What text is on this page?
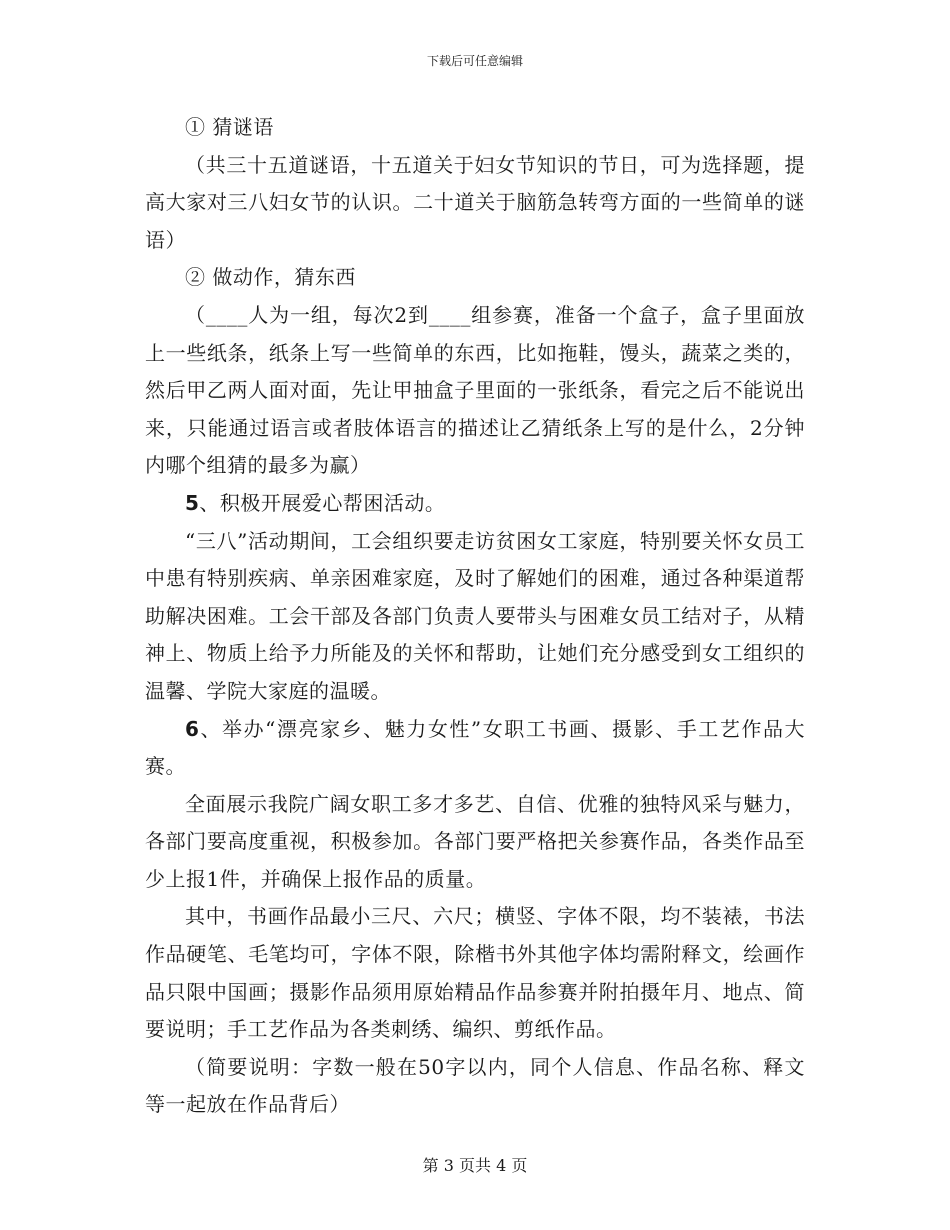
下载后可任意编辑

① 猜谜语

（共三十五道谜语，十五道关于妇女节知识的节日，可为选择题，提高大家对三八妇女节的认识。二十道关于脑筋急转弯方面的一些简单的谜语）

② 做动作，猜东西

（____人为一组，每次2到____组参赛，准备一个盒子，盒子里面放上一些纸条，纸条上写一些简单的东西，比如拖鞋，馒头，蔬菜之类的，然后甲乙两人面对面，先让甲抽盒子里面的一张纸条，看完之后不能说出来，只能通过语言或者肢体语言的描述让乙猜纸条上写的是什么，2分钟内哪个组猜的最多为赢）

5、积极开展爱心帮困活动。

“三八”活动期间，工会组织要走访贫困女工家庭，特别要关怀女员工中患有特别疾病、单亲困难家庭，及时了解她们的困难，通过各种渠道帮助解决困难。工会干部及各部门负责人要带头与困难女员工结对子，从精神上、物质上给予力所能及的关怀和帮助，让她们充分感受到女工组织的温馨、学院大家庭的温暖。

6、举办“漂亮家乡、魅力女性”女职工书画、摄影、手工艺作品大赛。

全面展示我院广阔女职工多才多艺、自信、优雅的独特风采与魅力，各部门要高度重视，积极参加。各部门要严格把关参赛作品，各类作品至少上报1件，并确保上报作品的质量。

其中，书画作品最小三尺、六尺；横竖、字体不限，均不装裱，书法作品硬笔、毛笔均可，字体不限，除楷书外其他字体均需附释文，绘画作品只限中国画；摄影作品须用原始精品作品参赛并附拍摄年月、地点、简要说明；手工艺作品为各类刺绣、编织、剪纸作品。

（简要说明：字数一般在50字以内，同个人信息、作品名称、释文等一起放在作品背后）

第 3 页共 4 页
